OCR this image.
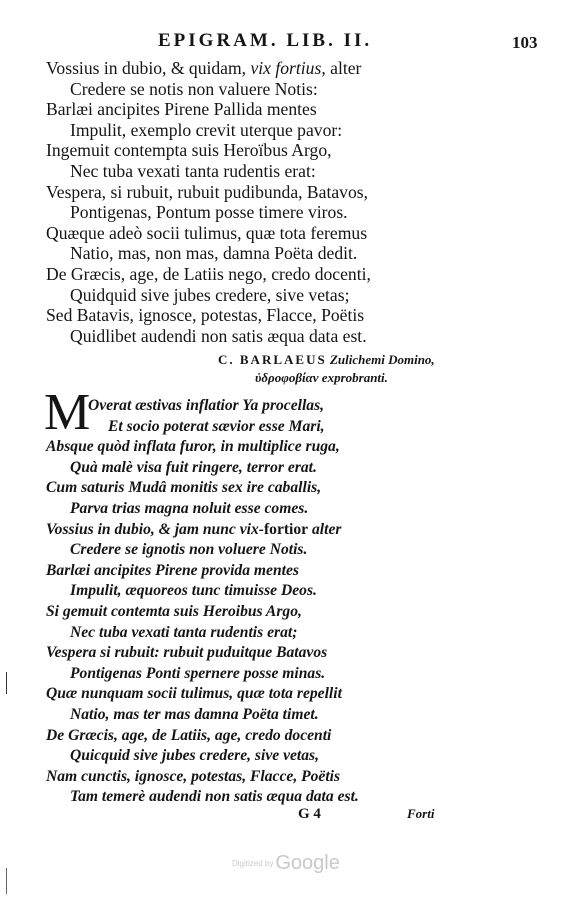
EPIGRAM. LIB. II.	103
Vossius in dubio, & quidam, vix fortius, alter
Credere se notis non valuere Notis:
Barlæi ancipites Pirene Pallida mentes
Impulit, exemplo crevit uterque pavor:
Ingemuit contempta suis Heroïbus Argo,
Nec tuba vexati tanta rudentis erat:
Vespera, si rubuit, rubuit pudibunda, Batavos,
Pontigenas, Pontum posse timere viros.
Quæque adeò socii tulimus, quæ tota feremus
Natio, mas, non mas, damna Poëta dedit.
De Græcis, age, de Latiis nego, credo docenti,
Quidquid sive jubes credere, sive vetas;
Sed Batavis, ignosce, potestas, Flacce, Poëtis
Quidlibet audendi non satis æqua data est.
C. BARLAEUS Zulichemi Domino,
ὑδροφοβίαν exprobranti.
M
Overat æstivas inflatior Ya procellas,
Et socio poterat sævior esse Mari,
Absque quòd inflata furor, in multiplice ruga,
Quà malè visa fuit ringere, terror erat.
Cum saturis Mudâ monitis sex ire caballis,
Parva trias magna noluit esse comes.
Vossius in dubio, & jam nunc vix-fortior alter
Credere se ignotis non voluere Notis.
Barlæi ancipites Pirene provida mentes
Impulit, æquoreos tunc timuisse Deos.
Si gemuit contemta suis Heroibus Argo,
Nec tuba vexati tanta rudentis erat;
Vespera si rubuit: rubuit puduitque Batavos
Pontigenas Ponti spernere posse minas.
Quæ nunquam socii tulimus, quæ tota repellit
Natio, mas ter mas damna Poëta timet.
De Græcis, age, de Latiis, age, credo docenti
Quicquid sive jubes credere, sive vetas,
Nam cunctis, ignosce, potestas, Flacce, Poëtis
Tam temerè audendi non satis æqua data est.
G 4	Forti
Digitized by Google
